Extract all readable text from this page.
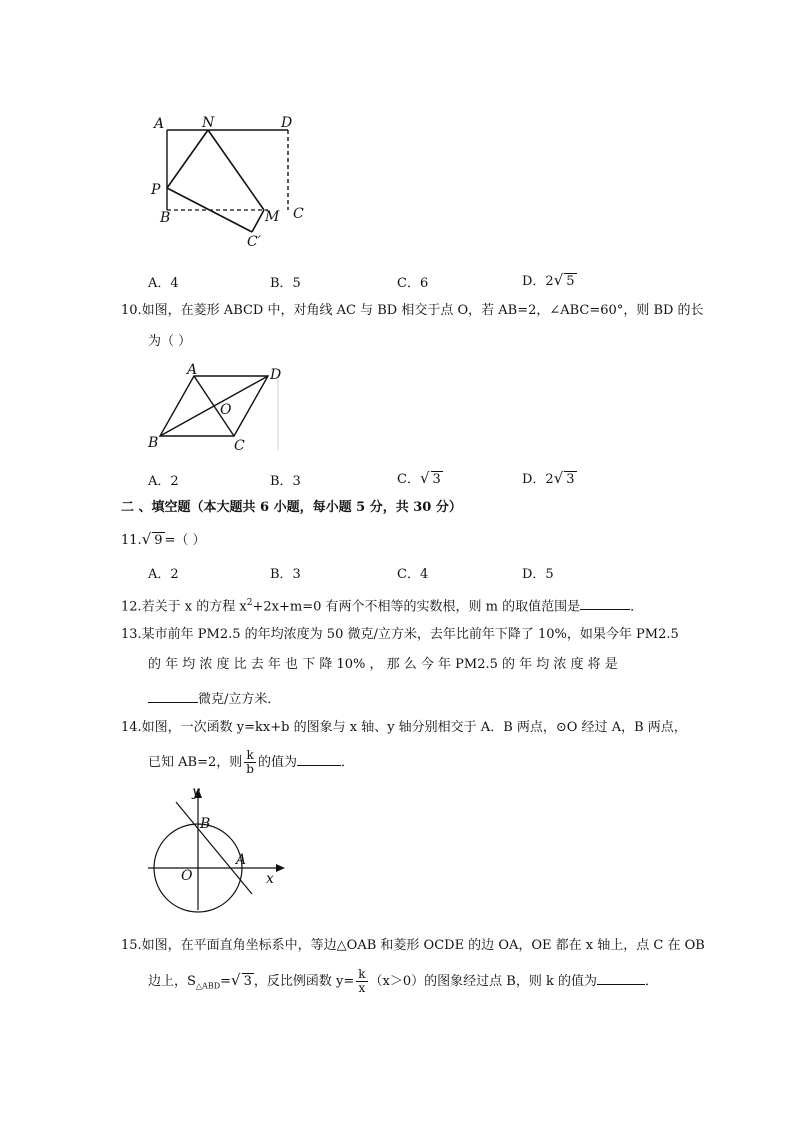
A	N	D
P
B	M C
C′
A．4	B．5	C．6	D．2√ 5
10.如图，在菱形 ABCD 中，对角线 AC 与 BD 相交于点 O，若 AB=2，∠ABC=60°，则 BD 的长
为（ ）
A	D
O
B	C
A．2	B．3	C．√ 3	D．2√ 3
二 、填空题（本大题共 6 小题，每小题 5 分，共 30 分）
11.√ 9 =（ ）
A．2	B．3	C．4	D．5
12.若关于 x 的方程 $x^2+2x+m=0$ 有两个不相等的实数根，则 m 的取值范围是	．
13.某市前年 PM2.5 的年均浓度为 50 微克/立方米，去年比前年下降了 10%，如果今年 PM2.5
的 年 均 浓 度 比 去 年 也 下 降 10% ， 那 么 今 年 PM2.5 的 年 均 浓 度 将 是
微克/立方米．
14.如图，一次函数 y=kx+b 的图象与 x 轴、y 轴分别相交于 A．B 两点，⊙O 经过 A，B 两点，
已知 AB=2，则 $\frac{k}{b}$ 的值为	．
y
B
A
O	x
15.如图，在平面直角坐标系中，等边△OAB 和菱形 OCDE 的边 OA，OE 都在 x 轴上，点 C 在 OB
边上，$S_{\triangle ABD}=√$ 3 ，反比例函数 $y= \frac{k}{x} (x>0)$的图象经过点 B，则 k 的值为	．
